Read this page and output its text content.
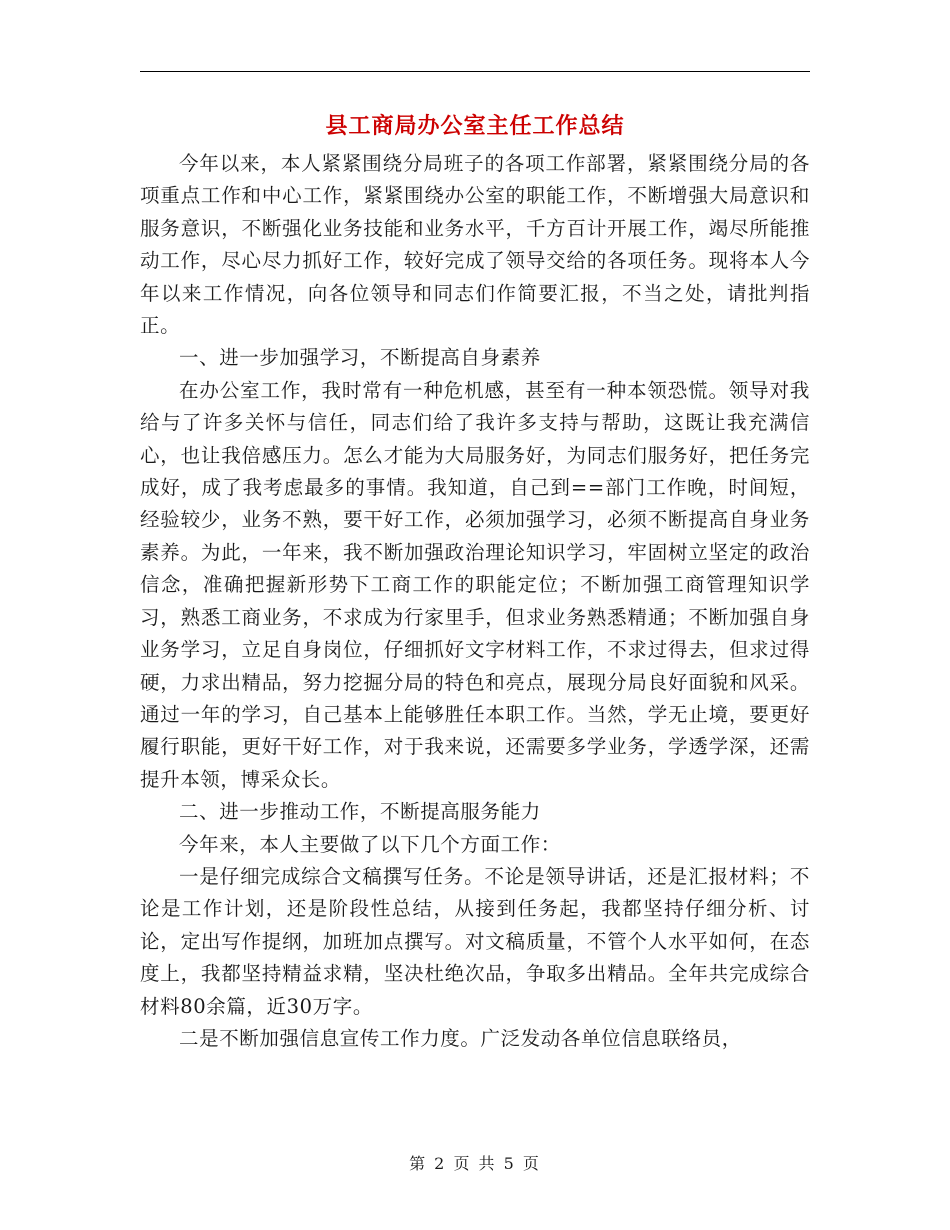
县工商局办公室主任工作总结

今年以来，本人紧紧围绕分局班子的各项工作部署，紧紧围绕分局的各项重点工作和中心工作，紧紧围绕办公室的职能工作，不断增强大局意识和服务意识，不断强化业务技能和业务水平，千方百计开展工作，竭尽所能推动工作，尽心尽力抓好工作，较好完成了领导交给的各项任务。现将本人今年以来工作情况，向各位领导和同志们作简要汇报，不当之处，请批判指正。

一、进一步加强学习，不断提高自身素养

在办公室工作，我时常有一种危机感，甚至有一种本领恐慌。领导对我给与了许多关怀与信任，同志们给了我许多支持与帮助，这既让我充满信心，也让我倍感压力。怎么才能为大局服务好，为同志们服务好，把任务完成好，成了我考虑最多的事情。我知道，自己到==部门工作晚，时间短，经验较少，业务不熟，要干好工作，必须加强学习，必须不断提高自身业务素养。为此，一年来，我不断加强政治理论知识学习，牢固树立坚定的政治信念，准确把握新形势下工商工作的职能定位；不断加强工商管理知识学习，熟悉工商业务，不求成为行家里手，但求业务熟悉精通；不断加强自身业务学习，立足自身岗位，仔细抓好文字材料工作，不求过得去，但求过得硬，力求出精品，努力挖掘分局的特色和亮点，展现分局良好面貌和风采。通过一年的学习，自己基本上能够胜任本职工作。当然，学无止境，要更好履行职能，更好干好工作，对于我来说，还需要多学业务，学透学深，还需提升本领，博采众长。

二、进一步推动工作，不断提高服务能力

今年来，本人主要做了以下几个方面工作：

一是仔细完成综合文稿撰写任务。不论是领导讲话，还是汇报材料；不论是工作计划，还是阶段性总结，从接到任务起，我都坚持仔细分析、讨论，定出写作提纲，加班加点撰写。对文稿质量，不管个人水平如何，在态度上，我都坚持精益求精，坚决杜绝次品，争取多出精品。全年共完成综合材料80余篇，近30万字。

二是不断加强信息宣传工作力度。广泛发动各单位信息联络员，

第 2 页 共 5 页
